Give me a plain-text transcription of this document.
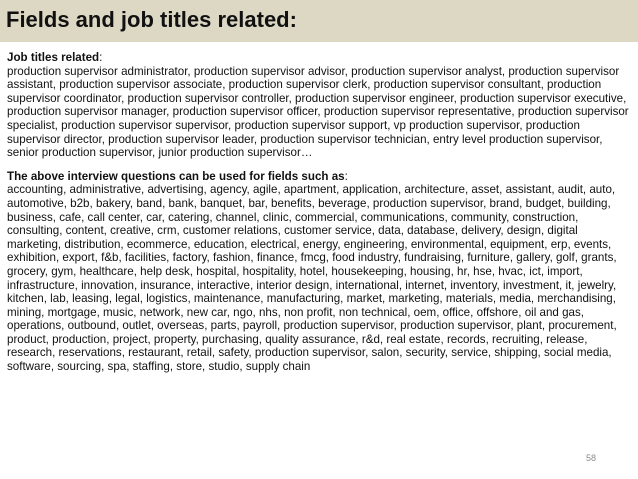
Fields and job titles related:

Job titles related:

production supervisor administrator, production supervisor advisor, production supervisor analyst, production supervisor assistant, production supervisor associate, production supervisor clerk, production supervisor consultant, production supervisor coordinator, production supervisor controller, production supervisor engineer, production supervisor executive, production supervisor manager, production supervisor officer, production supervisor representative, production supervisor specialist, production supervisor supervisor, production supervisor support, vp production supervisor, production supervisor director, production supervisor leader, production supervisor technician, entry level production supervisor, senior production supervisor, junior production supervisor…

The above interview questions can be used for fields such as:

accounting, administrative, advertising, agency, agile, apartment, application, architecture, asset, assistant, audit, auto, automotive, b2b, bakery, band, bank, banquet, bar, benefits, beverage, production supervisor, brand, budget, building, business, cafe, call center, car, catering, channel, clinic, commercial, communications, community, construction, consulting, content, creative, crm, customer relations, customer service, data, database, delivery, design, digital marketing, distribution, ecommerce, education, electrical, energy, engineering, environmental, equipment, erp, events, exhibition, export, f&b, facilities, factory, fashion, finance, fmcg, food industry, fundraising, furniture, gallery, golf, grants, grocery, gym, healthcare, help desk, hospital, hospitality, hotel, housekeeping, housing, hr, hse, hvac, ict, import, infrastructure, innovation, insurance, interactive, interior design, international, internet, inventory, investment, it, jewelry, kitchen, lab, leasing, legal, logistics, maintenance, manufacturing, market, marketing, materials, media, merchandising, mining, mortgage, music, network, new car, ngo, nhs, non profit, non technical, oem, office, offshore, oil and gas, operations, outbound, outlet, overseas, parts, payroll, production supervisor, production supervisor, plant, procurement, product, production, project, property, purchasing, quality assurance, r&d, real estate, records, recruiting, release, research, reservations, restaurant, retail, safety, production supervisor, salon, security, service, shipping, social media, software, sourcing, spa, staffing, store, studio, supply chain

58
